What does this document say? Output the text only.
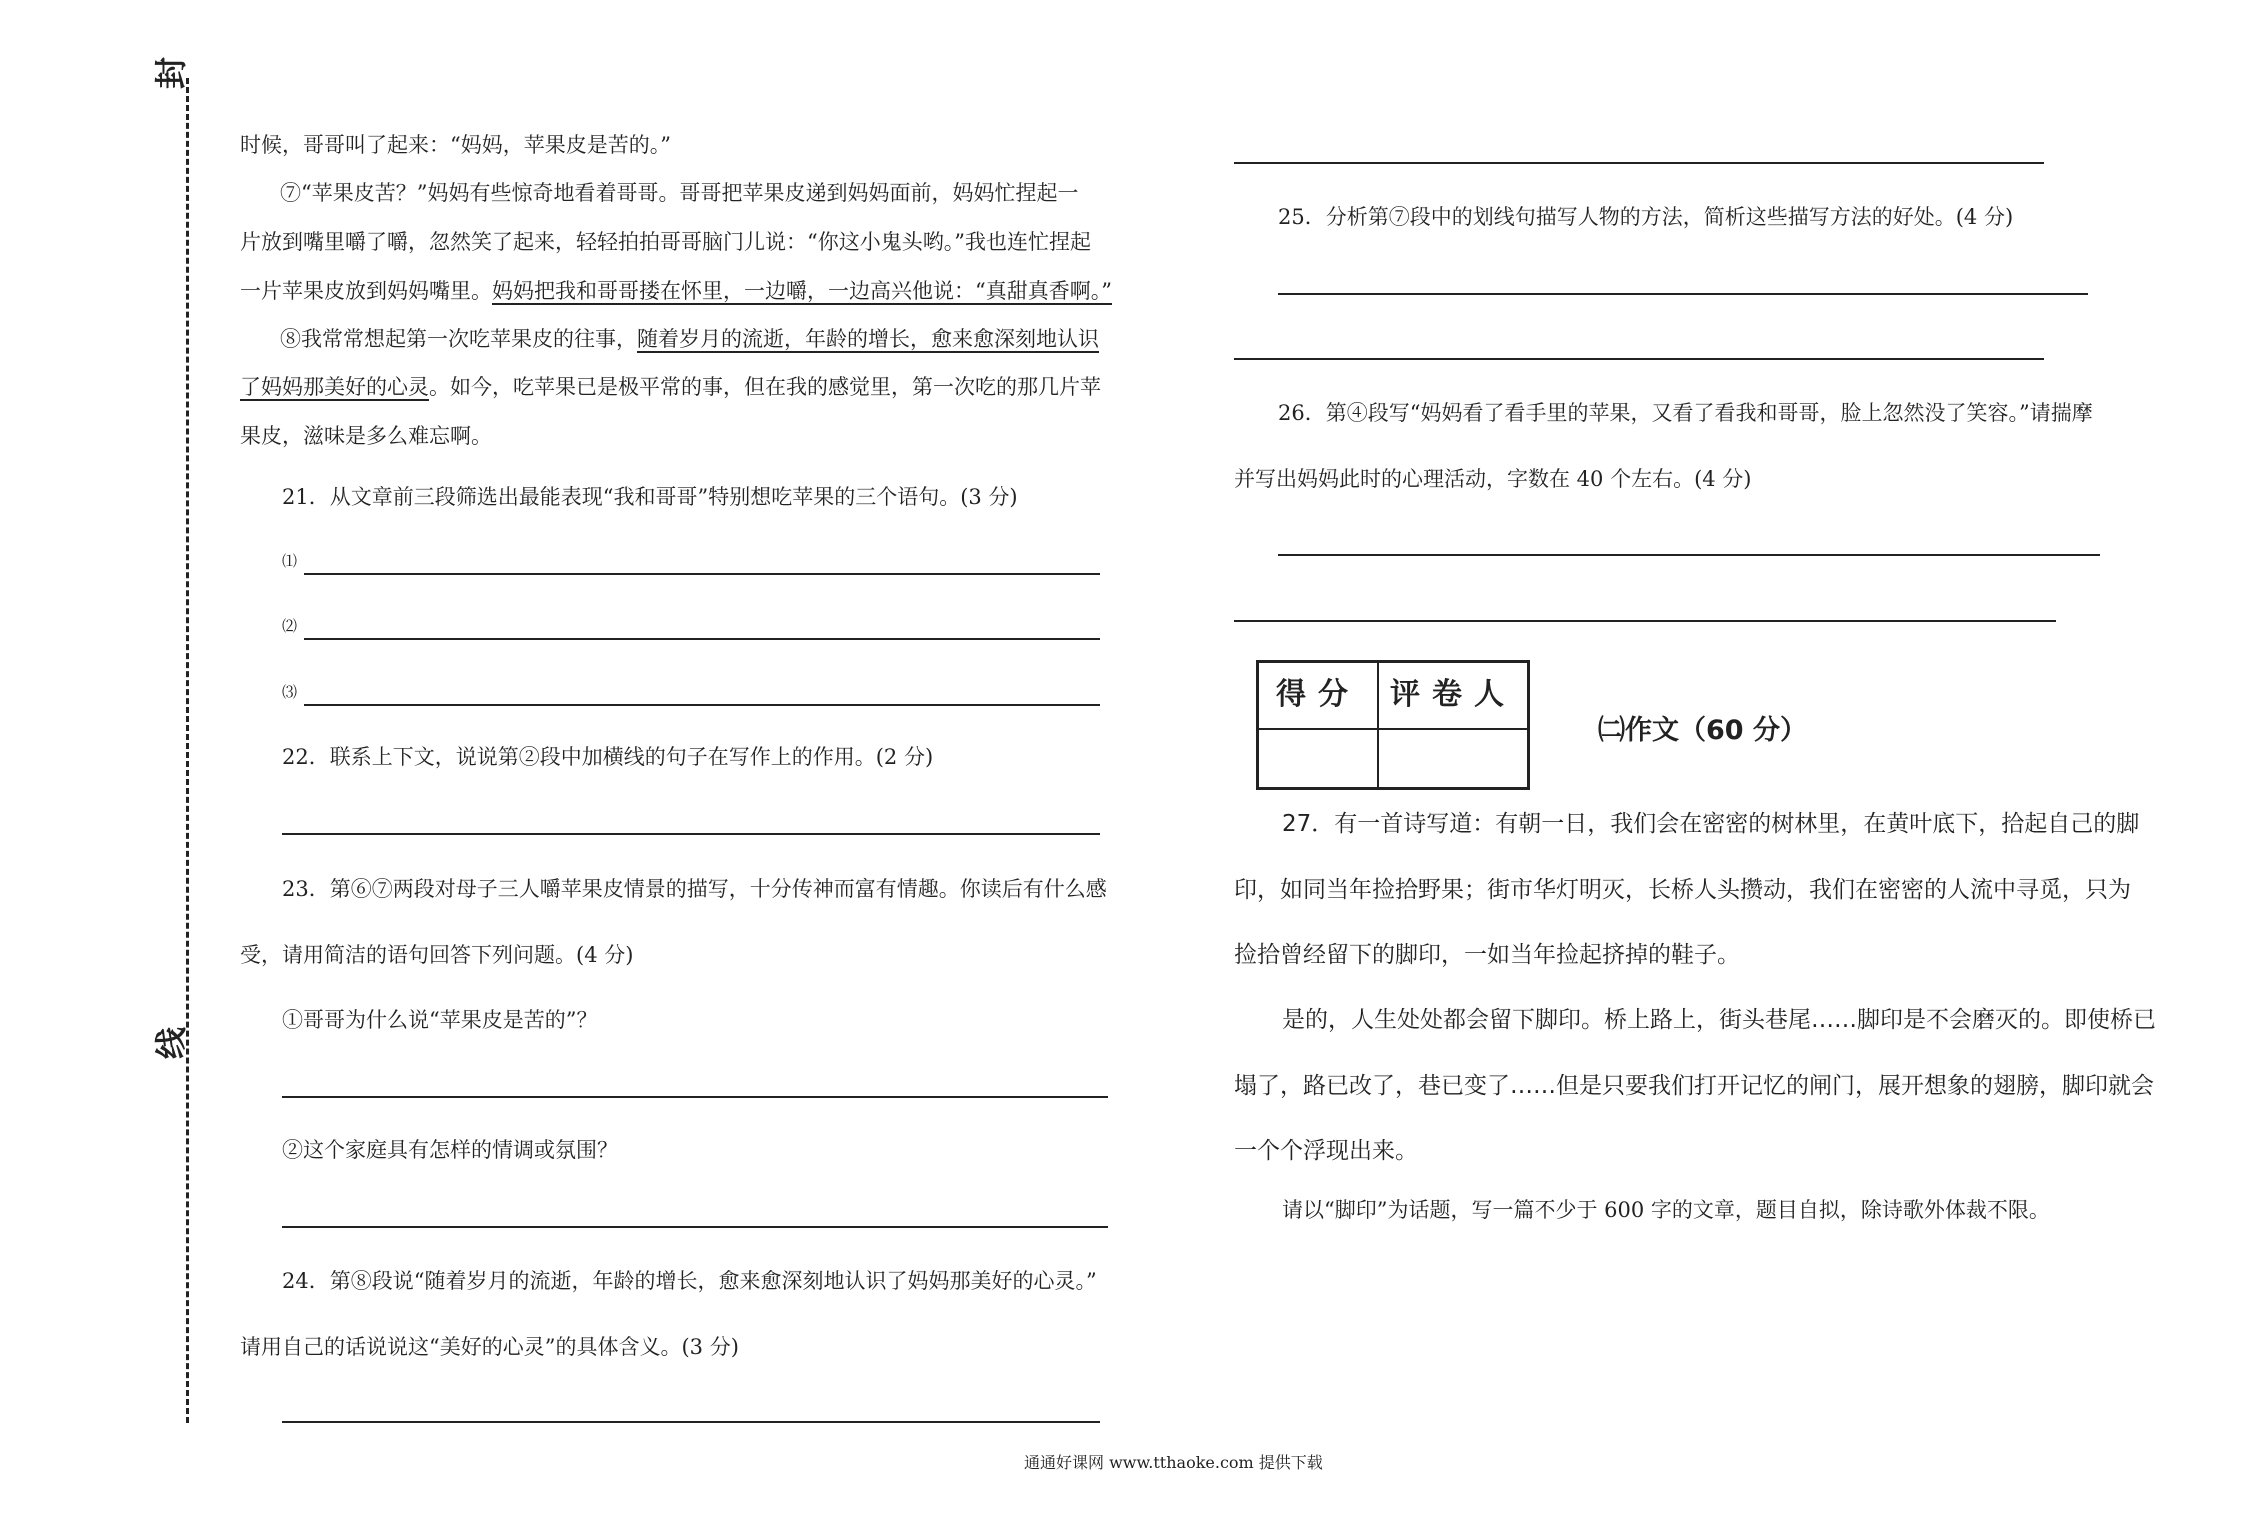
封
线
时候，哥哥叫了起来：“妈妈，苹果皮是苦的。”
⑦“苹果皮苦？”妈妈有些惊奇地看着哥哥。哥哥把苹果皮递到妈妈面前，妈妈忙捏起一
片放到嘴里嚼了嚼，忽然笑了起来，轻轻拍拍哥哥脑门儿说：“你这小鬼头哟。”我也连忙捏起
一片苹果皮放到妈妈嘴里。妈妈把我和哥哥搂在怀里，一边嚼，一边高兴他说：“真甜真香啊。”
⑧我常常想起第一次吃苹果皮的往事，随着岁月的流逝，年龄的增长，愈来愈深刻地认识
了妈妈那美好的心灵。如今，吃苹果已是极平常的事，但在我的感觉里，第一次吃的那几片苹
果皮，滋味是多么难忘啊。
21．从文章前三段筛选出最能表现“我和哥哥”特别想吃苹果的三个语句。(3 分)
⑴
⑵
⑶
22．联系上下文，说说第②段中加横线的句子在写作上的作用。(2 分)
23．第⑥⑦两段对母子三人嚼苹果皮情景的描写，十分传神而富有情趣。你读后有什么感
受，请用简洁的语句回答下列问题。(4 分)
①哥哥为什么说“苹果皮是苦的”？
②这个家庭具有怎样的情调或氛围？
24．第⑧段说“随着岁月的流逝，年龄的增长，愈来愈深刻地认识了妈妈那美好的心灵。”
请用自己的话说说这“美好的心灵”的具体含义。(3 分)
25．分析第⑦段中的划线句描写人物的方法，简析这些描写方法的好处。(4 分)
26．第④段写“妈妈看了看手里的苹果，又看了看我和哥哥，脸上忽然没了笑容。”请揣摩
并写出妈妈此时的心理活动，字数在 40 个左右。(4 分)
得分	评卷人
㈡作文（60 分）
27．有一首诗写道：有朝一日，我们会在密密的树林里，在黄叶底下，拾起自己的脚
印，如同当年捡拾野果；街市华灯明灭，长桥人头攒动，我们在密密的人流中寻觅，只为
捡拾曾经留下的脚印，一如当年捡起挤掉的鞋子。
是的，人生处处都会留下脚印。桥上路上，街头巷尾……脚印是不会磨灭的。即使桥已
塌了，路已改了，巷已变了……但是只要我们打开记忆的闸门，展开想象的翅膀，脚印就会
一个个浮现出来。
请以“脚印”为话题，写一篇不少于 600 字的文章，题目自拟，除诗歌外体裁不限。
通通好课网 www.tthaoke.com 提供下载
